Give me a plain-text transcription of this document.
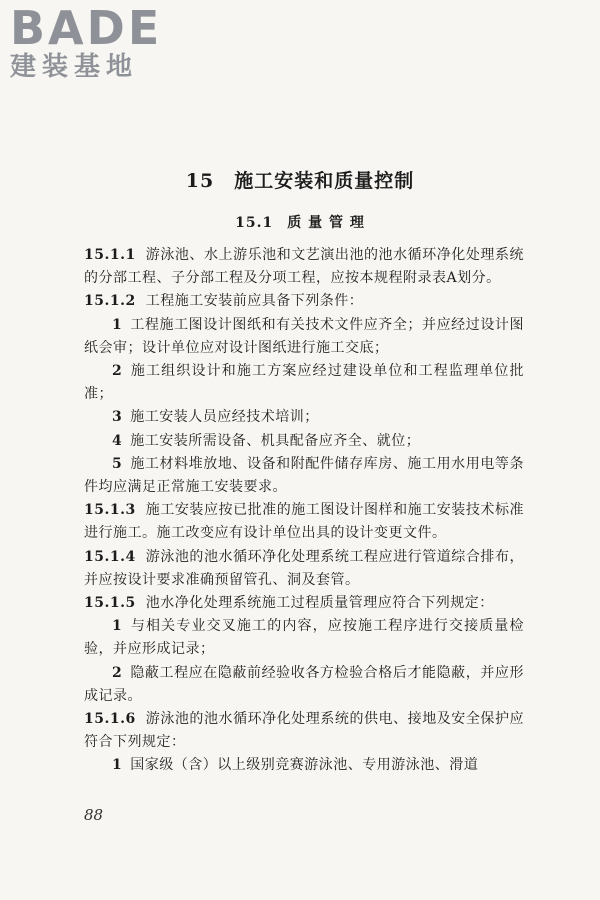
BADE
建装基地
15 施工安装和质量控制
15.1 质 量 管 理

15.1.1 游泳池、水上游乐池和文艺演出池的池水循环净化处理系统的分部工程、子分部工程及分项工程，应按本规程附录表A划分。

15.1.2 工程施工安装前应具备下列条件：

1 工程施工图设计图纸和有关技术文件应齐全；并应经过设计图纸会审；设计单位应对设计图纸进行施工交底；

2 施工组织设计和施工方案应经过建设单位和工程监理单位批准；

3 施工安装人员应经技术培训；

4 施工安装所需设备、机具配备应齐全、就位；

5 施工材料堆放地、设备和附配件储存库房、施工用水用电等条件均应满足正常施工安装要求。

15.1.3 施工安装应按已批准的施工图设计图样和施工安装技术标准进行施工。施工改变应有设计单位出具的设计变更文件。

15.1.4 游泳池的池水循环净化处理系统工程应进行管道综合排布，并应按设计要求准确预留管孔、洞及套管。

15.1.5 池水净化处理系统施工过程质量管理应符合下列规定：

1 与相关专业交叉施工的内容，应按施工程序进行交接质量检验，并应形成记录；

2 隐蔽工程应在隐蔽前经验收各方检验合格后才能隐蔽，并应形成记录。

15.1.6 游泳池的池水循环净化处理系统的供电、接地及安全保护应符合下列规定：

1 国家级（含）以上级别竞赛游泳池、专用游泳池、滑道

88
